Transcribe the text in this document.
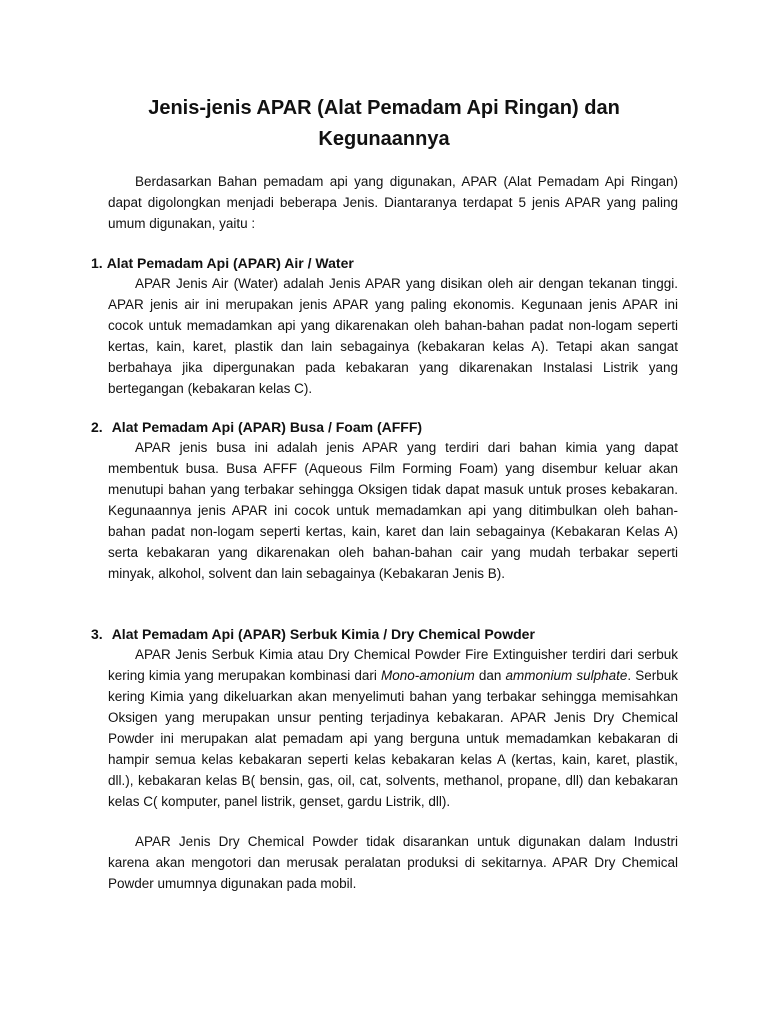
Jenis-jenis APAR (Alat Pemadam Api Ringan) dan Kegunaannya

Berdasarkan Bahan pemadam api yang digunakan, APAR (Alat Pemadam Api Ringan) dapat digolongkan menjadi beberapa Jenis. Diantaranya terdapat 5 jenis APAR yang paling umum digunakan, yaitu :

1. Alat Pemadam Api (APAR) Air / Water

APAR Jenis Air (Water) adalah Jenis APAR yang disikan oleh air dengan tekanan tinggi. APAR jenis air ini merupakan jenis APAR yang paling ekonomis. Kegunaan jenis APAR ini cocok untuk memadamkan api yang dikarenakan oleh bahan-bahan padat non-logam seperti kertas, kain, karet, plastik dan lain sebagainya (kebakaran kelas A). Tetapi akan sangat berbahaya jika dipergunakan pada kebakaran yang dikarenakan Instalasi Listrik yang bertegangan (kebakaran kelas C).

2. Alat Pemadam Api (APAR) Busa / Foam (AFFF)

APAR jenis busa ini adalah jenis APAR yang terdiri dari bahan kimia yang dapat membentuk busa. Busa AFFF (Aqueous Film Forming Foam) yang disembur keluar akan menutupi bahan yang terbakar sehingga Oksigen tidak dapat masuk untuk proses kebakaran. Kegunaannya jenis APAR ini cocok untuk memadamkan api yang ditimbulkan oleh bahan-bahan padat non-logam seperti kertas, kain, karet dan lain sebagainya (Kebakaran Kelas A) serta kebakaran yang dikarenakan oleh bahan-bahan cair yang mudah terbakar seperti minyak, alkohol, solvent dan lain sebagainya (Kebakaran Jenis B).

3. Alat Pemadam Api (APAR) Serbuk Kimia / Dry Chemical Powder

APAR Jenis Serbuk Kimia atau Dry Chemical Powder Fire Extinguisher terdiri dari serbuk kering kimia yang merupakan kombinasi dari Mono-amonium dan ammonium sulphate. Serbuk kering Kimia yang dikeluarkan akan menyelimuti bahan yang terbakar sehingga memisahkan Oksigen yang merupakan unsur penting terjadinya kebakaran. APAR Jenis Dry Chemical Powder ini merupakan alat pemadam api yang berguna untuk memadamkan kebakaran di hampir semua kelas kebakaran seperti kelas kebakaran kelas A (kertas, kain, karet, plastik, dll.), kebakaran kelas B( bensin, gas, oil, cat, solvents, methanol, propane, dll) dan kebakaran kelas C( komputer, panel listrik, genset, gardu Listrik, dll).

APAR Jenis Dry Chemical Powder tidak disarankan untuk digunakan dalam Industri karena akan mengotori dan merusak peralatan produksi di sekitarnya. APAR Dry Chemical Powder umumnya digunakan pada mobil.
